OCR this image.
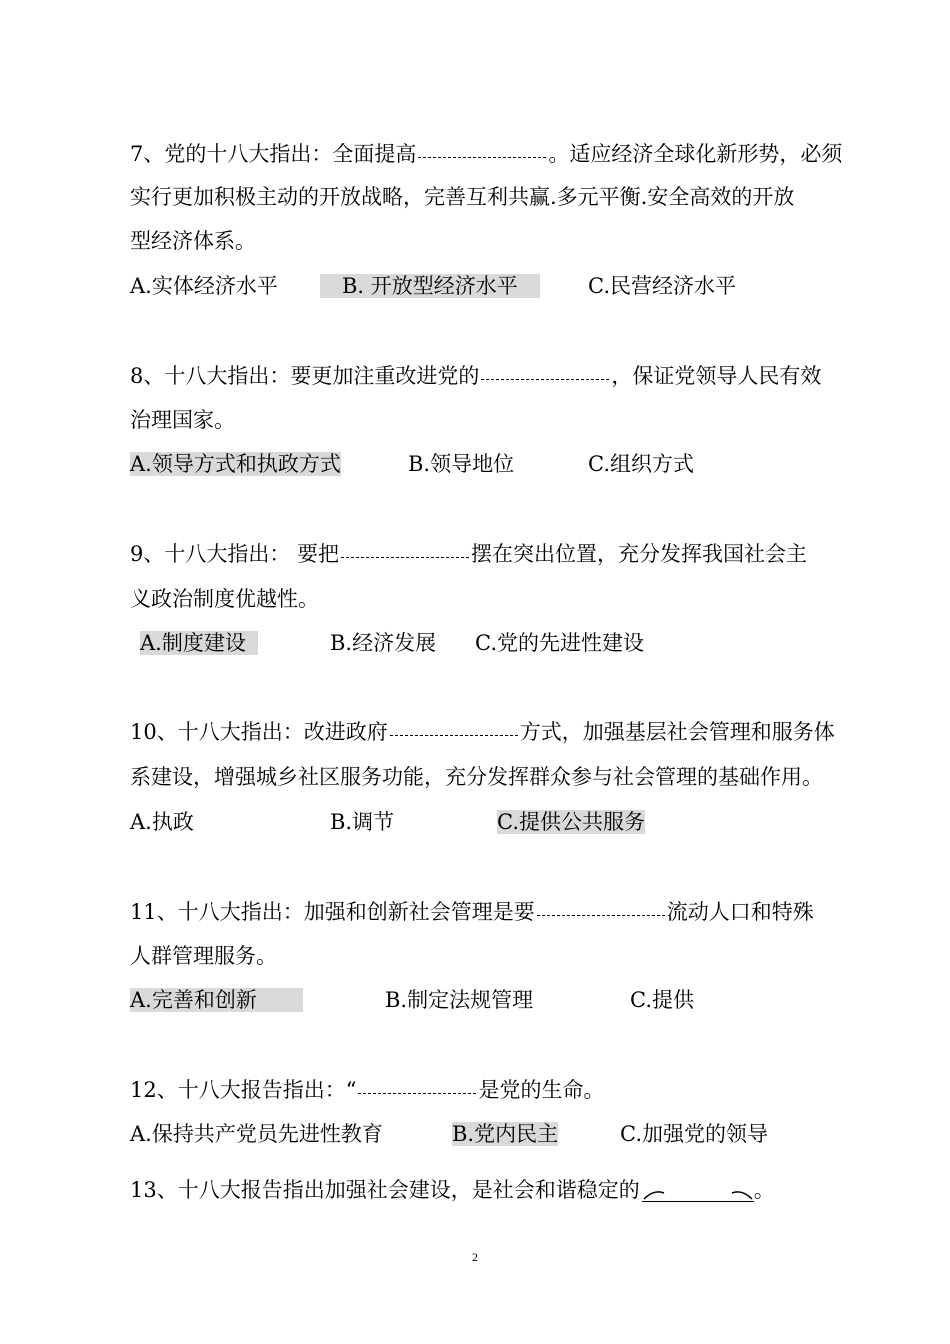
7、党的十八大指出：全面提高	。适应经济全球化新形势，必须
实行更加积极主动的开放战略，完善互利共赢.多元平衡.安全高效的开放
型经济体系。
A.实体经济水平	B. 开放型经济水平	C.民营经济水平
8、十八大指出：要更加注重改进党的	，保证党领导人民有效
治理国家。
A.领导方式和执政方式	B.领导地位	C.组织方式
9、十八大指出： 要把	摆在突出位置，充分发挥我国社会主
义政治制度优越性。
A.制度建设	B.经济发展 C.党的先进性建设
10、十八大指出：改进政府	方式，加强基层社会管理和服务体
系建设，增强城乡社区服务功能，充分发挥群众参与社会管理的基础作用。
A.执政	B.调节	C.提供公共服务
11、十八大指出：加强和创新社会管理是要	流动人口和特殊
人群管理服务。
A.完善和创新	B.制定法规管理	C.提供
12、十八大报告指出：“	是党的生命。
A.保持共产党员先进性教育	B.党内民主	C.加强党的领导
13、十八大报告指出加强社会建设，是社会和谐稳定的	。
2
